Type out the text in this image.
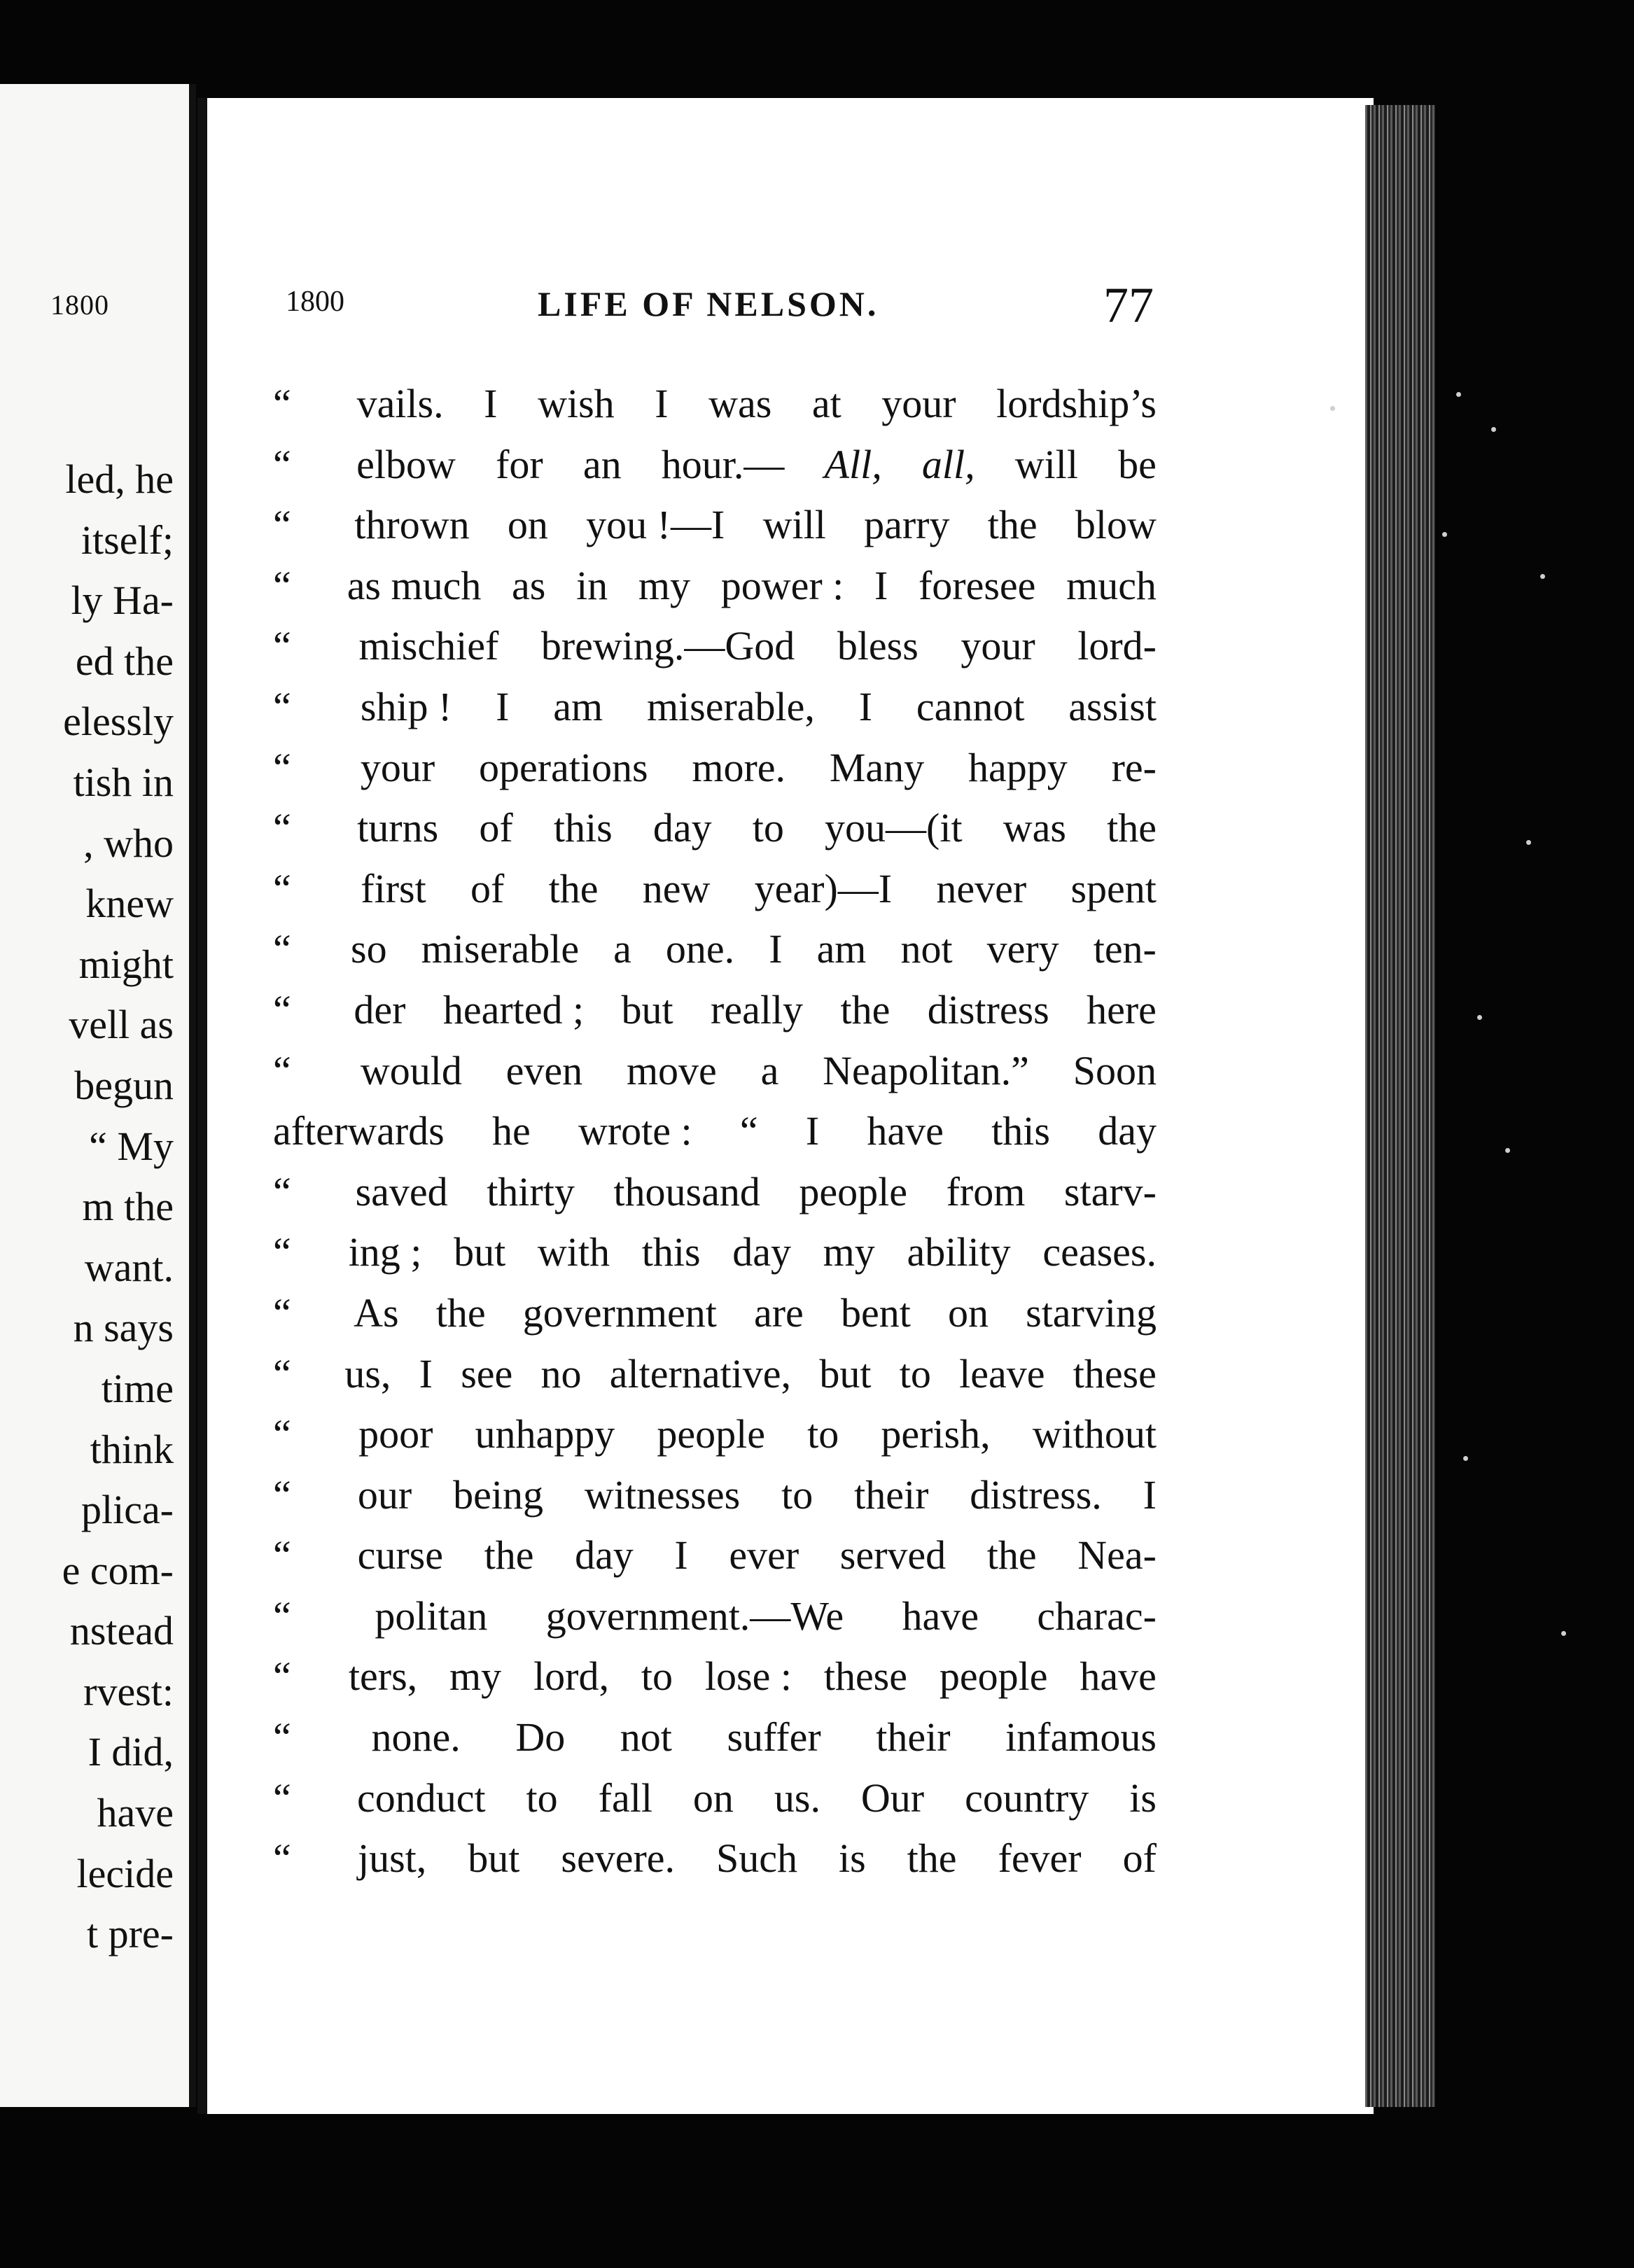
1800
led, he
itself;
ly Ha-
ed the
elessly
tish in
, who
knew
might
vell as
begun
“ My
m the
want.
n says
time
think
plica-
e com-
nstead
rvest:
I did,
have
lecide
t pre-
1800	LIFE OF NELSON.	77
“	vails. I wish I was at your lordship’s
“	elbow for an hour.— All, all, will be
“	thrown on you !—I will parry the blow
“	as much as in my power : I foresee much
“	mischief brewing.—God bless your lord-
“	ship ! I am miserable, I cannot assist
“	your operations more. Many happy re-
“	turns of this day to you—(it was the
“	first of the new year)—I never spent
“	so miserable a one. I am not very ten-
“	der hearted ; but really the distress here
“	would even move a Neapolitan.” Soon
afterwards he wrote : “ I have this day
“	saved thirty thousand people from starv-
“	ing ; but with this day my ability ceases.
“	As the government are bent on starving
“	us, I see no alternative, but to leave these
“	poor unhappy people to perish, without
“	our being witnesses to their distress. I
“	curse the day I ever served the Nea-
“	politan government.—We have charac-
“	ters, my lord, to lose : these people have
“	none. Do not suffer their infamous
“	conduct to fall on us. Our country is
“	just, but severe. Such is the fever of
